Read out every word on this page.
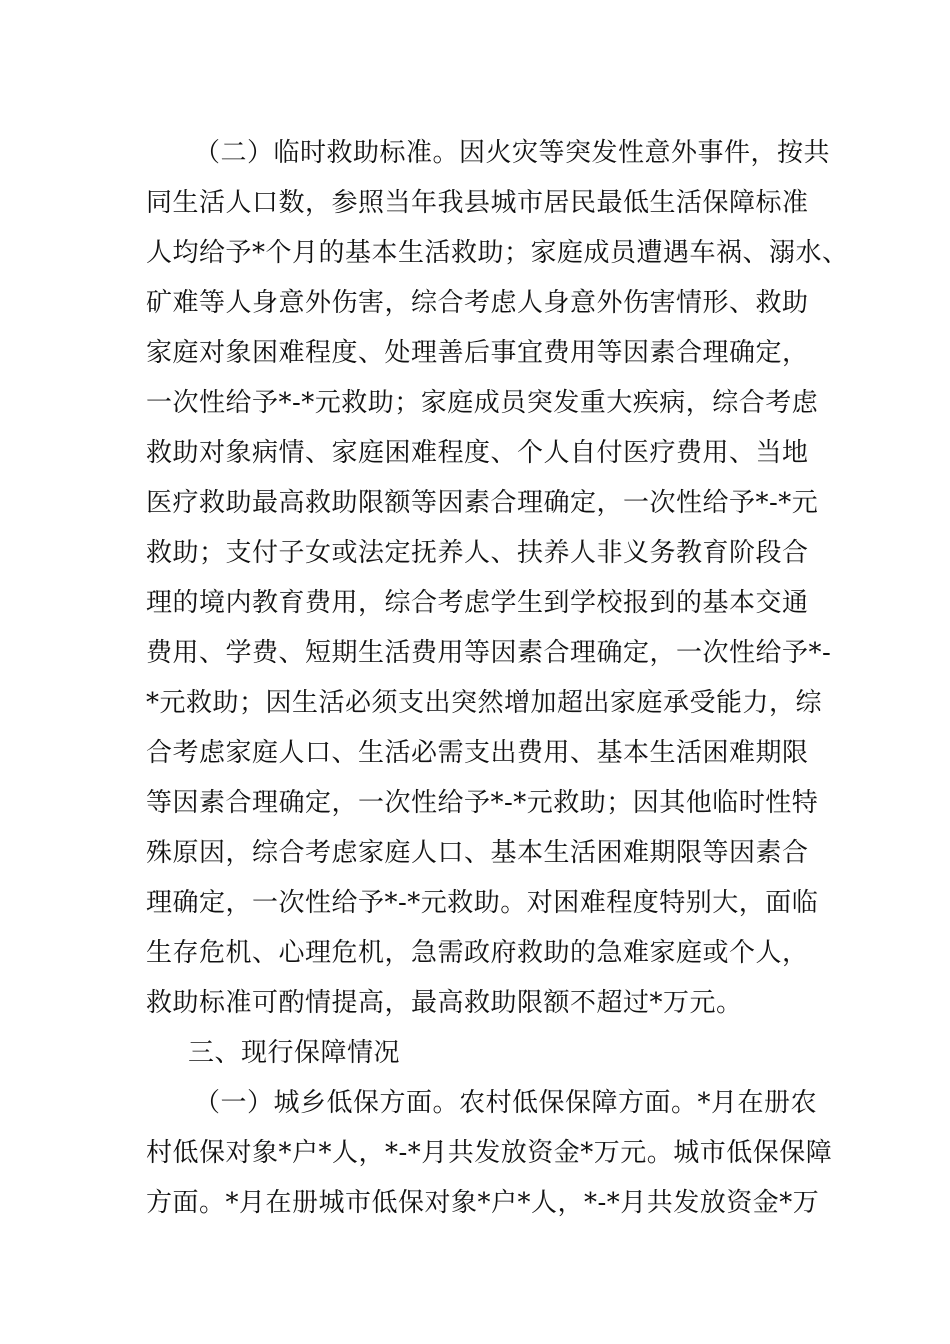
（二）临时救助标准。因火灾等突发性意外事件，按共
同生活人口数，参照当年我县城市居民最低生活保障标准
人均给予*个月的基本生活救助；家庭成员遭遇车祸、溺水、
矿难等人身意外伤害，综合考虑人身意外伤害情形、救助
家庭对象困难程度、处理善后事宜费用等因素合理确定，
一次性给予*-*元救助；家庭成员突发重大疾病，综合考虑
救助对象病情、家庭困难程度、个人自付医疗费用、当地
医疗救助最高救助限额等因素合理确定，一次性给予*-*元
救助；支付子女或法定抚养人、扶养人非义务教育阶段合
理的境内教育费用，综合考虑学生到学校报到的基本交通
费用、学费、短期生活费用等因素合理确定，一次性给予*-
*元救助；因生活必须支出突然增加超出家庭承受能力，综
合考虑家庭人口、生活必需支出费用、基本生活困难期限
等因素合理确定，一次性给予*-*元救助；因其他临时性特
殊原因，综合考虑家庭人口、基本生活困难期限等因素合
理确定，一次性给予*-*元救助。对困难程度特别大，面临
生存危机、心理危机，急需政府救助的急难家庭或个人，
救助标准可酌情提高，最高救助限额不超过*万元。
三、现行保障情况
（一）城乡低保方面。农村低保保障方面。*月在册农
村低保对象*户*人，*-*月共发放资金*万元。城市低保保障
方面。*月在册城市低保对象*户*人，*-*月共发放资金*万
